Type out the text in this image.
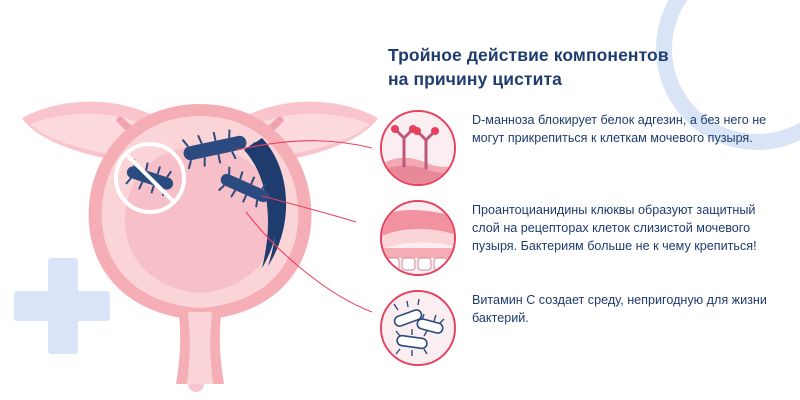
Тройное действие компонентов
на причину цистита
D-манноза блокирует белок адгезин, а без него не могут прикрепиться к клеткам мочевого пузыря.
Проантоцианидины клюквы образуют защитный слой на рецепторах клеток слизистой мочевого пузыря. Бактериям больше не к чему крепиться!
Витамин C создает среду, непригодную для жизни бактерий.
